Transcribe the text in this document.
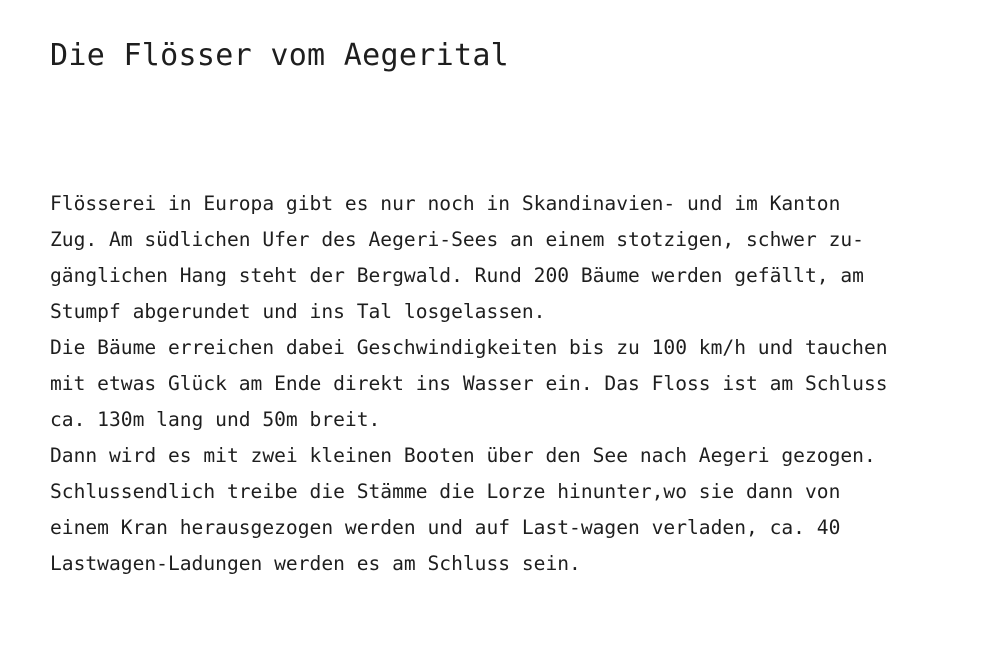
Die Flösser vom Aegerital
Flösserei in Europa gibt es nur noch in Skandinavien- und im Kanton
Zug. Am südlichen Ufer des Aegeri-Sees an einem stotzigen, schwer zu-
gänglichen Hang steht der Bergwald. Rund 200 Bäume werden gefällt, am
Stumpf abgerundet und ins Tal losgelassen.
Die Bäume erreichen dabei Geschwindigkeiten bis zu 100 km/h und tauchen
mit etwas Glück am Ende direkt ins Wasser ein. Das Floss ist am Schluss
ca. 130m lang und 50m breit.
Dann wird es mit zwei kleinen Booten über den See nach Aegeri gezogen.
Schlussendlich treibe die Stämme die Lorze hinunter,wo sie dann von
einem Kran herausgezogen werden und auf Last-wagen verladen, ca. 40
Lastwagen-Ladungen werden es am Schluss sein.
